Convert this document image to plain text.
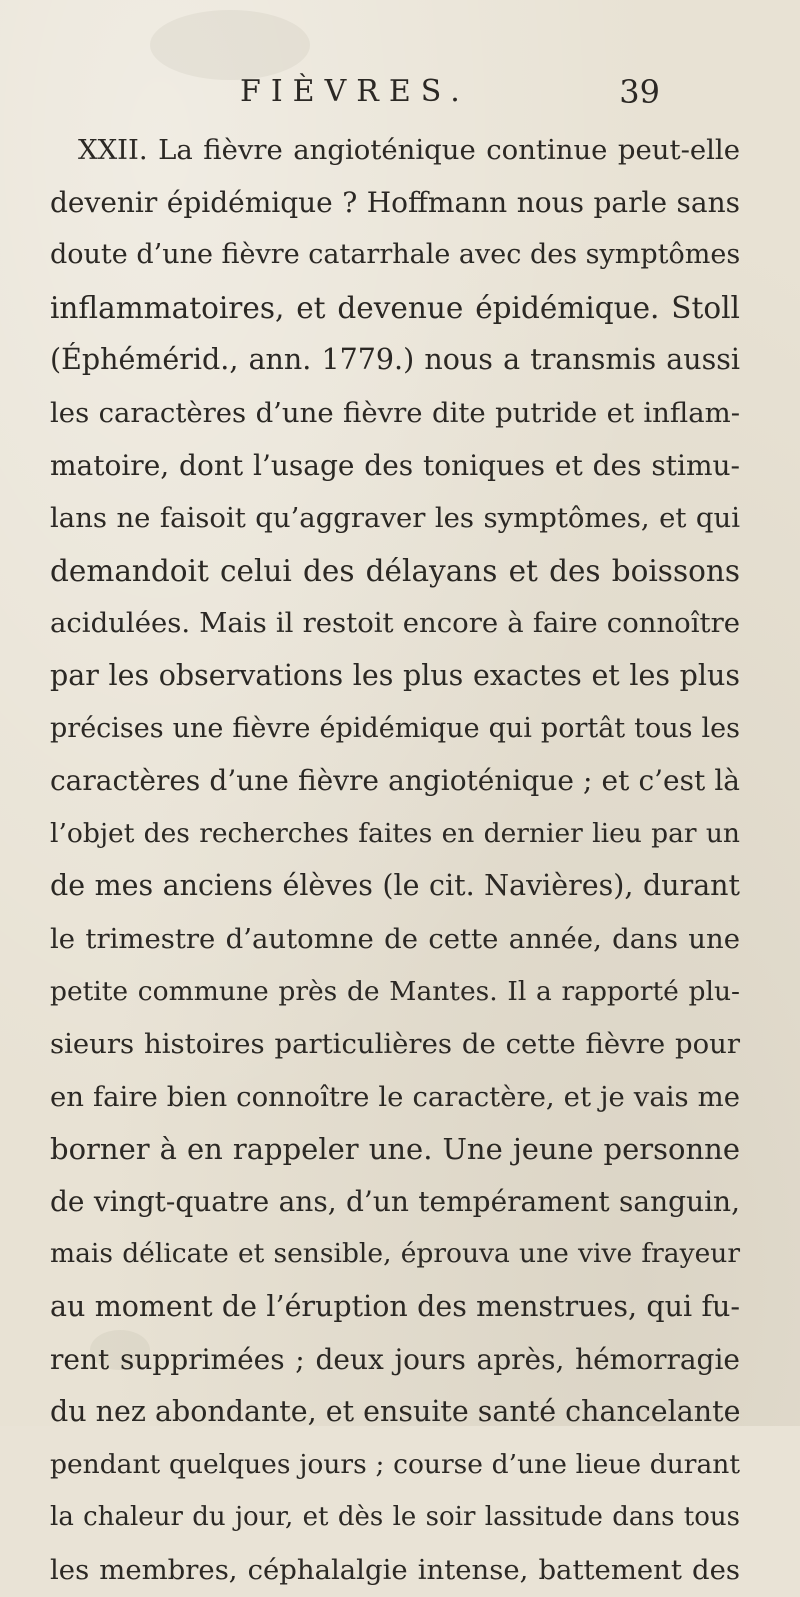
FIÈVRES.	39
XXII. La fièvre angioténique continue peut-elle
devenir épidémique ? Hoffmann nous parle sans
doute d’une fièvre catarrhale avec des symptômes
inflammatoires, et devenue épidémique. Stoll
(Éphémérid., ann. 1779.) nous a transmis aussi
les caractères d’une fièvre dite putride et inflam-
matoire, dont l’usage des toniques et des stimu-
lans ne faisoit qu’aggraver les symptômes, et qui
demandoit celui des délayans et des boissons
acidulées. Mais il restoit encore à faire connoître
par les observations les plus exactes et les plus
précises une fièvre épidémique qui portât tous les
caractères d’une fièvre angioténique ; et c’est là
l’objet des recherches faites en dernier lieu par un
de mes anciens élèves (le cit. Navières), durant
le trimestre d’automne de cette année, dans une
petite commune près de Mantes. Il a rapporté plu-
sieurs histoires particulières de cette fièvre pour
en faire bien connoître le caractère, et je vais me
borner à en rappeler une. Une jeune personne
de vingt-quatre ans, d’un tempérament sanguin,
mais délicate et sensible, éprouva une vive frayeur
au moment de l’éruption des menstrues, qui fu-
rent supprimées ; deux jours après, hémorragie
du nez abondante, et ensuite santé chancelante
pendant quelques jours ; course d’une lieue durant
la chaleur du jour, et dès le soir lassitude dans tous
les membres, céphalalgie intense, battement des
